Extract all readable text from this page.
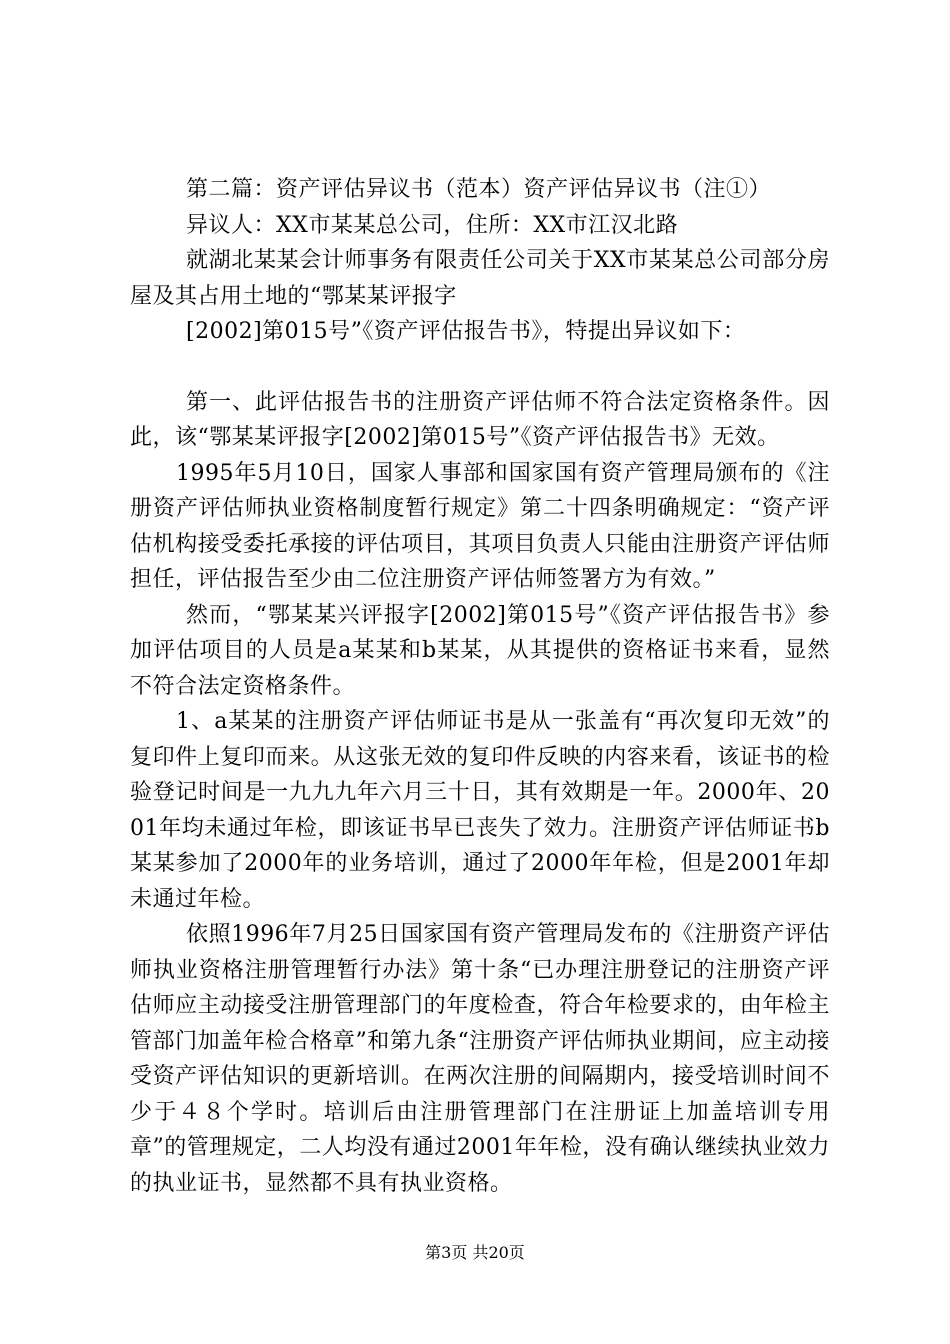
第二篇：资产评估异议书（范本）资产评估异议书（注①）

异议人：XX市某某总公司，住所：XX市江汉北路

就湖北某某会计师事务有限责任公司关于XX市某某总公司部分房屋及其占用土地的“鄂某某评报字

[2002]第015号”《资产评估报告书》，特提出异议如下：

第一、此评估报告书的注册资产评估师不符合法定资格条件。因此，该“鄂某某评报字[2002]第015号”《资产评估报告书》无效。

1995年5月10日，国家人事部和国家国有资产管理局颁布的《注册资产评估师执业资格制度暂行规定》第二十四条明确规定：“资产评估机构接受委托承接的评估项目，其项目负责人只能由注册资产评估师担任，评估报告至少由二位注册资产评估师签署方为有效。”

然而，“鄂某某兴评报字[2002]第015号”《资产评估报告书》参加评估项目的人员是a某某和b某某，从其提供的资格证书来看，显然不符合法定资格条件。

1、a某某的注册资产评估师证书是从一张盖有“再次复印无效”的复印件上复印而来。从这张无效的复印件反映的内容来看，该证书的检验登记时间是一九九九年六月三十日，其有效期是一年。2000年、2001年均未通过年检，即该证书早已丧失了效力。注册资产评估师证书b某某参加了2000年的业务培训，通过了2000年年检，但是2001年却未通过年检。

依照1996年7月25日国家国有资产管理局发布的《注册资产评估师执业资格注册管理暂行办法》第十条“已办理注册登记的注册资产评估师应主动接受注册管理部门的年度检查，符合年检要求的，由年检主管部门加盖年检合格章”和第九条“注册资产评估师执业期间，应主动接受资产评估知识的更新培训。在两次注册的间隔期内，接受培训时间不少于４８个学时。培训后由注册管理部门在注册证上加盖培训专用章”的管理规定，二人均没有通过2001年年检，没有确认继续执业效力的执业证书，显然都不具有执业资格。

第3页 共20页
